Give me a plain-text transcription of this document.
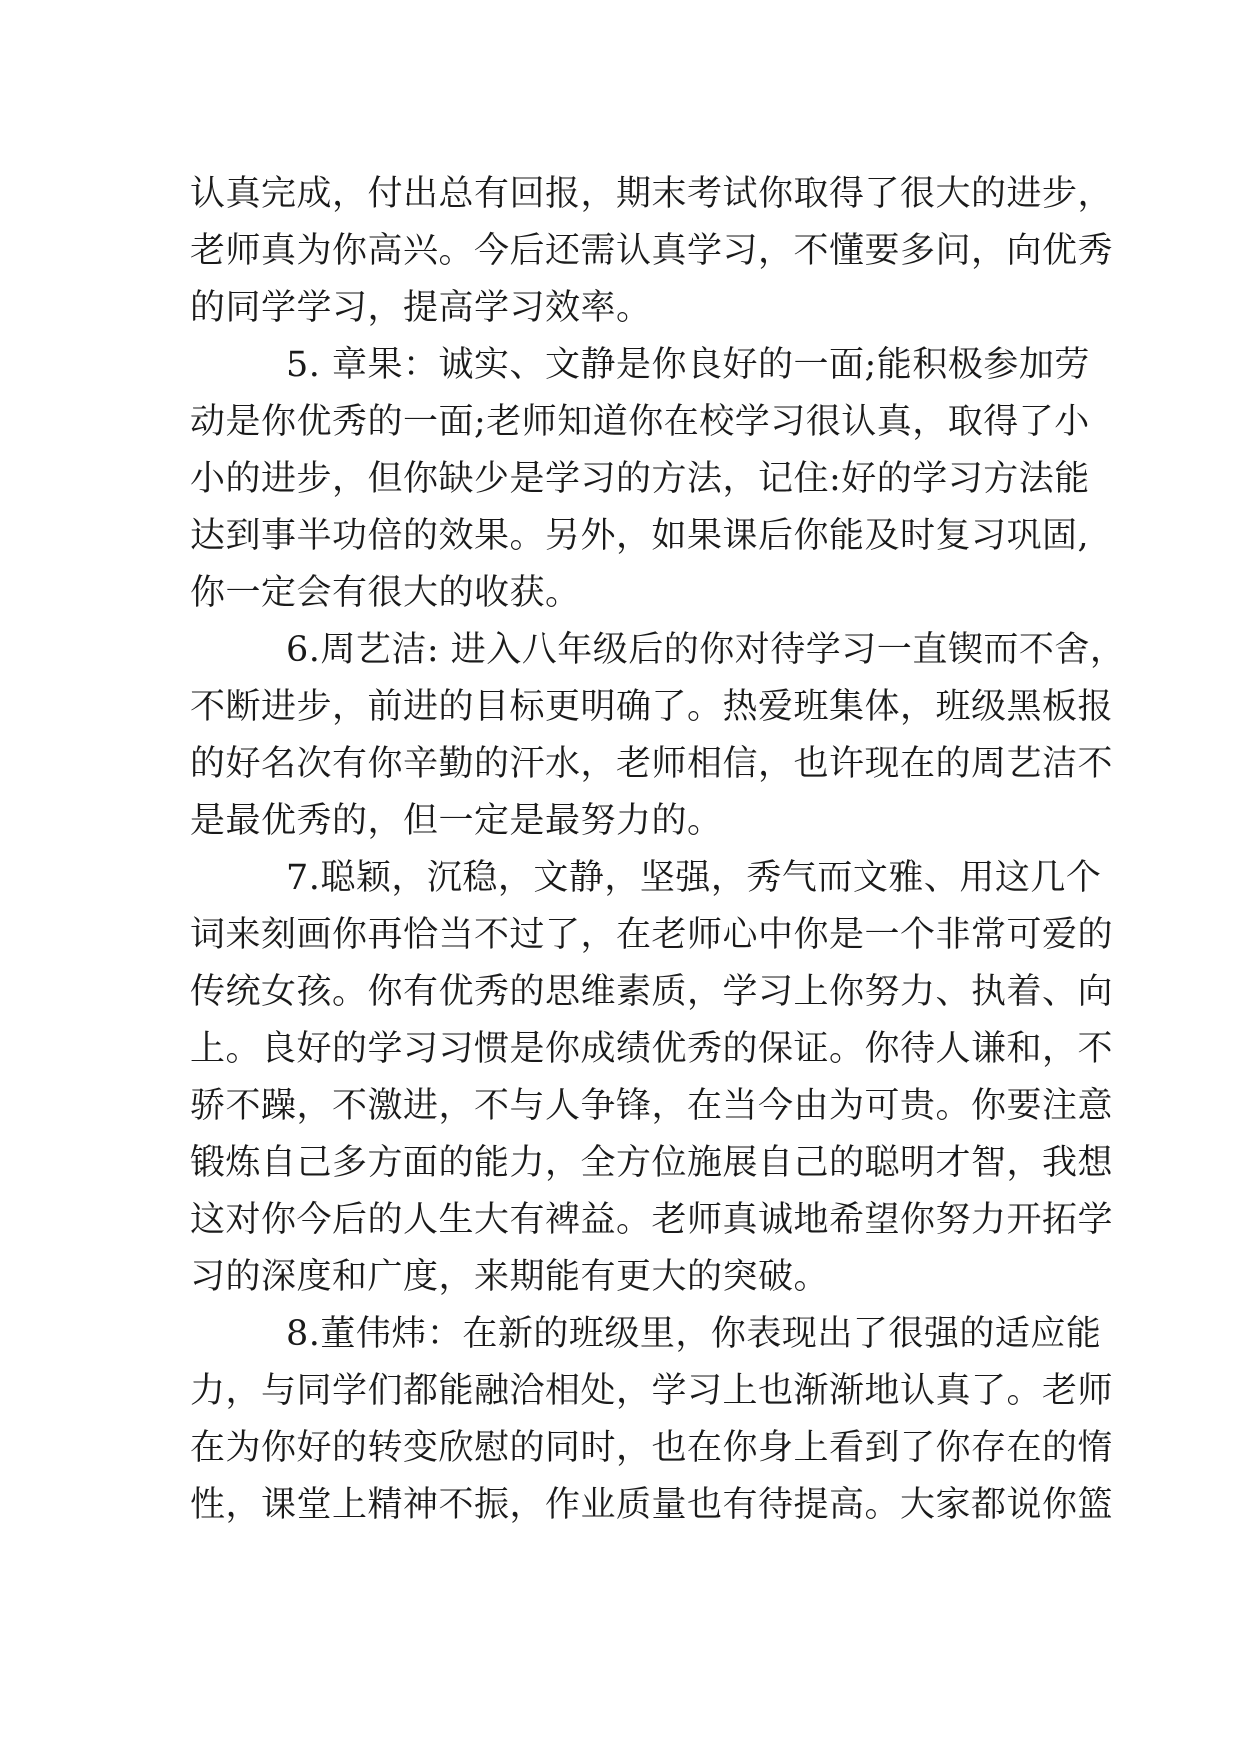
认真完成，付出总有回报，期末考试你取得了很大的进步，
老师真为你高兴。今后还需认真学习，不懂要多问，向优秀
的同学学习，提高学习效率。
5. 章果：诚实、文静是你良好的一面;能积极参加劳
动是你优秀的一面;老师知道你在校学习很认真，取得了小
小的进步，但你缺少是学习的方法，记住:好的学习方法能
达到事半功倍的效果。另外，如果课后你能及时复习巩固,
你一定会有很大的收获。
6.周艺洁: 进入八年级后的你对待学习一直锲而不舍，
不断进步，前进的目标更明确了。热爱班集体，班级黑板报
的好名次有你辛勤的汗水，老师相信，也许现在的周艺洁不
是最优秀的，但一定是最努力的。
7.聪颖，沉稳，文静，坚强，秀气而文雅、用这几个
词来刻画你再恰当不过了，在老师心中你是一个非常可爱的
传统女孩。你有优秀的思维素质，学习上你努力、执着、向
上。良好的学习习惯是你成绩优秀的保证。你待人谦和，不
骄不躁，不激进，不与人争锋，在当今由为可贵。你要注意
锻炼自己多方面的能力，全方位施展自己的聪明才智，我想
这对你今后的人生大有裨益。老师真诚地希望你努力开拓学
习的深度和广度，来期能有更大的突破。
8.董伟炜：在新的班级里，你表现出了很强的适应能
力，与同学们都能融洽相处，学习上也渐渐地认真了。老师
在为你好的转变欣慰的同时，也在你身上看到了你存在的惰
性，课堂上精神不振，作业质量也有待提高。大家都说你篮
